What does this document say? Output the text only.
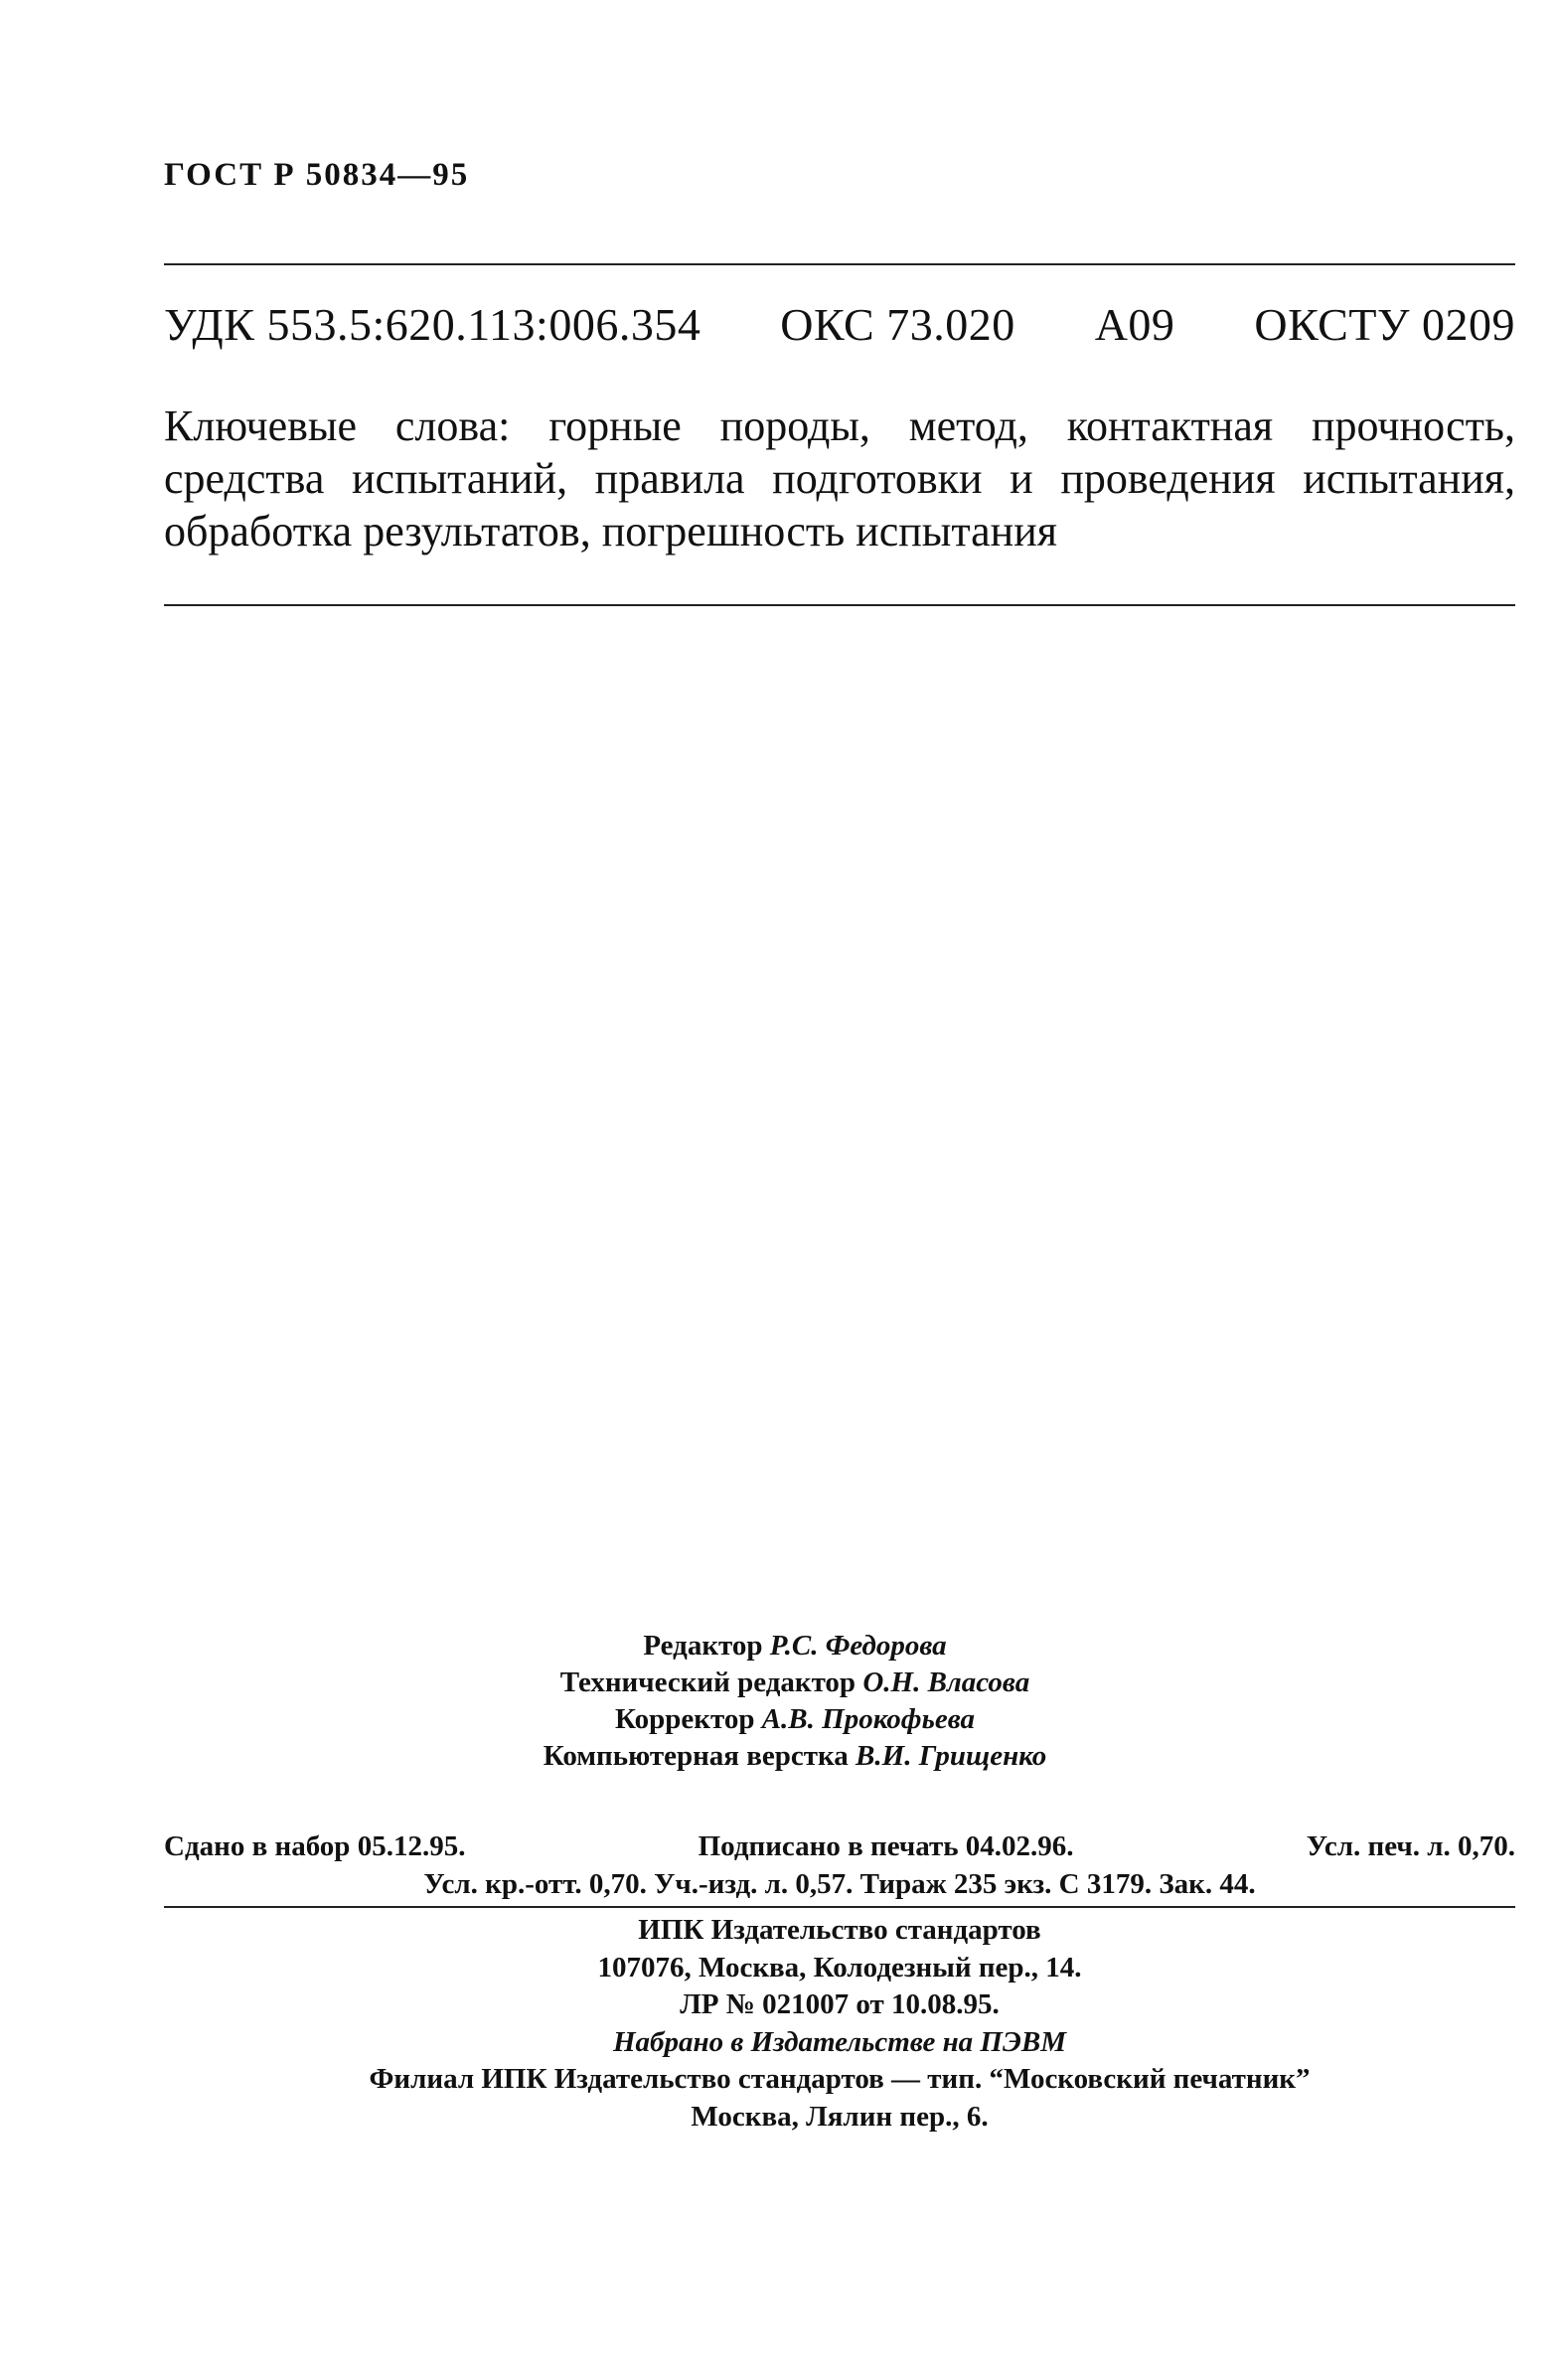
ГОСТ Р 50834—95
УДК 553.5:620.113:006.354 ОКС 73.020 А09 ОКСТУ 0209
Ключевые слова: горные породы, метод, контактная прочность,
средства испытаний, правила подготовки и проведения испытания,
обработка результатов, погрешность испытания
Редактор Р.С. Федорова
Технический редактор О.Н. Власова
Корректор А.В. Прокофьева
Компьютерная верстка В.И. Грищенко
Сдано в набор 05.12.95.	Подписано в печать 04.02.96.	Усл. печ. л. 0,70.
Усл. кр.-отт. 0,70. Уч.-изд. л. 0,57. Тираж 235 экз. С 3179. Зак. 44.
ИПК Издательство стандартов
107076, Москва, Колодезный пер., 14.
ЛР № 021007 от 10.08.95.
Набрано в Издательстве на ПЭВМ
Филиал ИПК Издательство стандартов — тип. “Московский печатник”
Москва, Лялин пер., 6.
